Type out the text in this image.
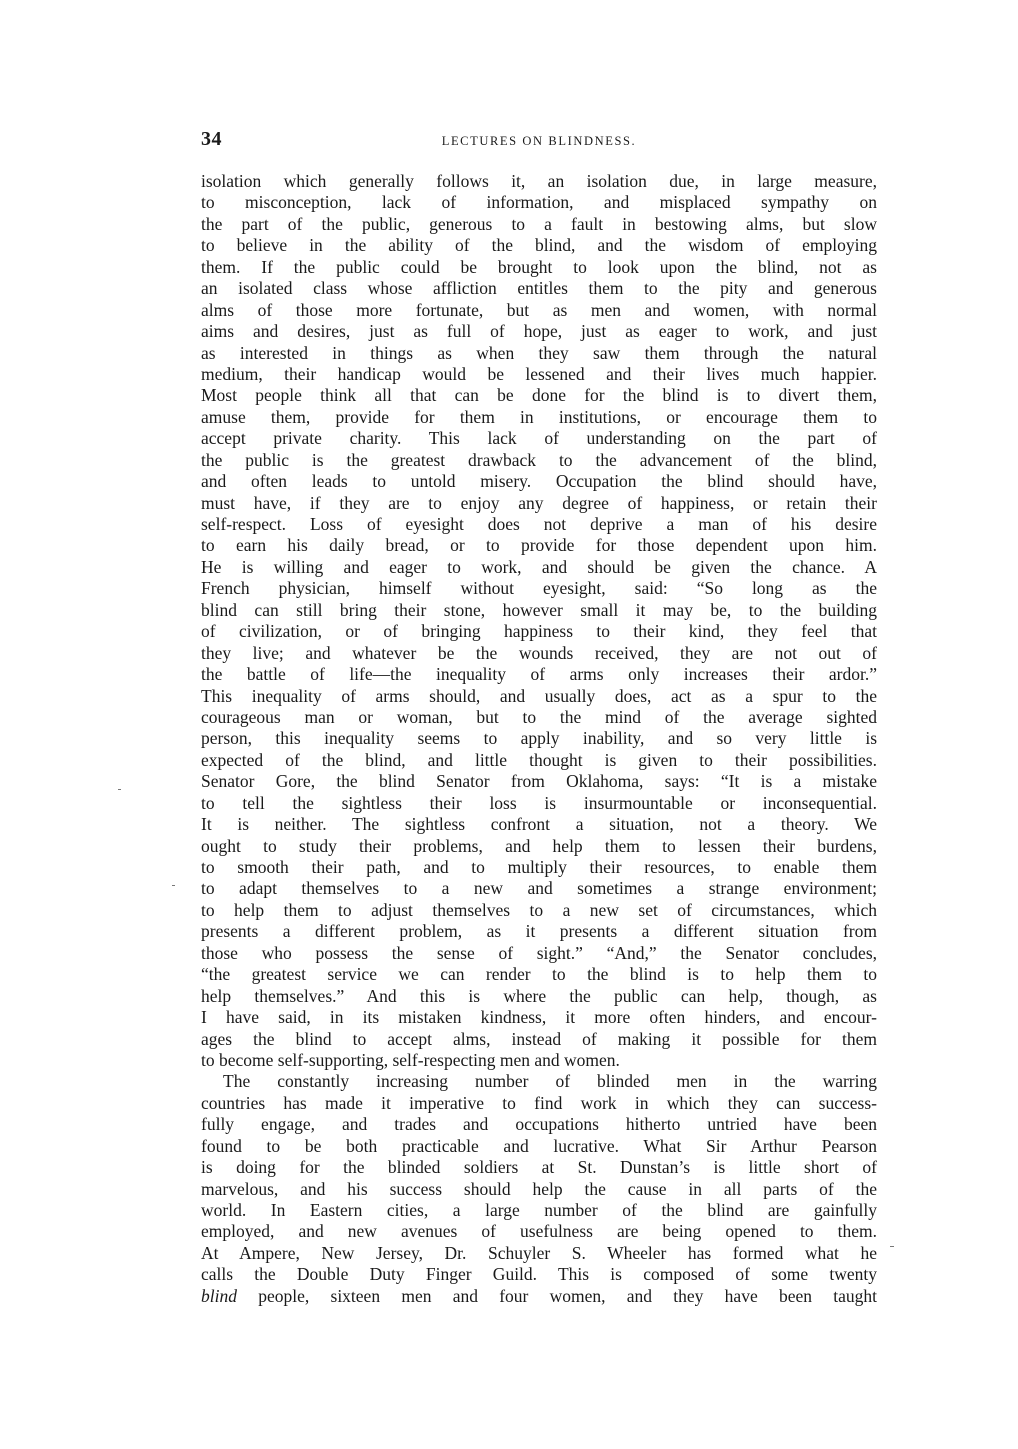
34	LECTURES ON BLINDNESS.
isolation which generally follows it, an isolation due, in large measure,
to misconception, lack of information, and misplaced sympathy on
the part of the public, generous to a fault in bestowing alms, but slow
to believe in the ability of the blind, and the wisdom of employing
them. If the public could be brought to look upon the blind, not as
an isolated class whose affliction entitles them to the pity and generous
alms of those more fortunate, but as men and women, with normal
aims and desires, just as full of hope, just as eager to work, and just
as interested in things as when they saw them through the natural
medium, their handicap would be lessened and their lives much happier.
Most people think all that can be done for the blind is to divert them,
amuse them, provide for them in institutions, or encourage them to
accept private charity. This lack of understanding on the part of
the public is the greatest drawback to the advancement of the blind,
and often leads to untold misery. Occupation the blind should have,
must have, if they are to enjoy any degree of happiness, or retain their
self-respect. Loss of eyesight does not deprive a man of his desire
to earn his daily bread, or to provide for those dependent upon him.
He is willing and eager to work, and should be given the chance. A
French physician, himself without eyesight, said: “So long as the
blind can still bring their stone, however small it may be, to the building
of civilization, or of bringing happiness to their kind, they feel that
they live; and whatever be the wounds received, they are not out of
the battle of life—the inequality of arms only increases their ardor.”
This inequality of arms should, and usually does, act as a spur to the
courageous man or woman, but to the mind of the average sighted
person, this inequality seems to apply inability, and so very little is
expected of the blind, and little thought is given to their possibilities.
Senator Gore, the blind Senator from Oklahoma, says: “It is a mistake
to tell the sightless their loss is insurmountable or inconsequential.
It is neither. The sightless confront a situation, not a theory. We
ought to study their problems, and help them to lessen their burdens,
to smooth their path, and to multiply their resources, to enable them
to adapt themselves to a new and sometimes a strange environment;
to help them to adjust themselves to a new set of circumstances, which
presents a different problem, as it presents a different situation from
those who possess the sense of sight.” “And,” the Senator concludes,
“the greatest service we can render to the blind is to help them to
help themselves.” And this is where the public can help, though, as
I have said, in its mistaken kindness, it more often hinders, and encour-
ages the blind to accept alms, instead of making it possible for them
to become self-supporting, self-respecting men and women.
The constantly increasing number of blinded men in the warring
countries has made it imperative to find work in which they can success-
fully engage, and trades and occupations hitherto untried have been
found to be both practicable and lucrative. What Sir Arthur Pearson
is doing for the blinded soldiers at St. Dunstan’s is little short of
marvelous, and his success should help the cause in all parts of the
world. In Eastern cities, a large number of the blind are gainfully
employed, and new avenues of usefulness are being opened to them.
At Ampere, New Jersey, Dr. Schuyler S. Wheeler has formed what he
calls the Double Duty Finger Guild. This is composed of some twenty
blind people, sixteen men and four women, and they have been taught
